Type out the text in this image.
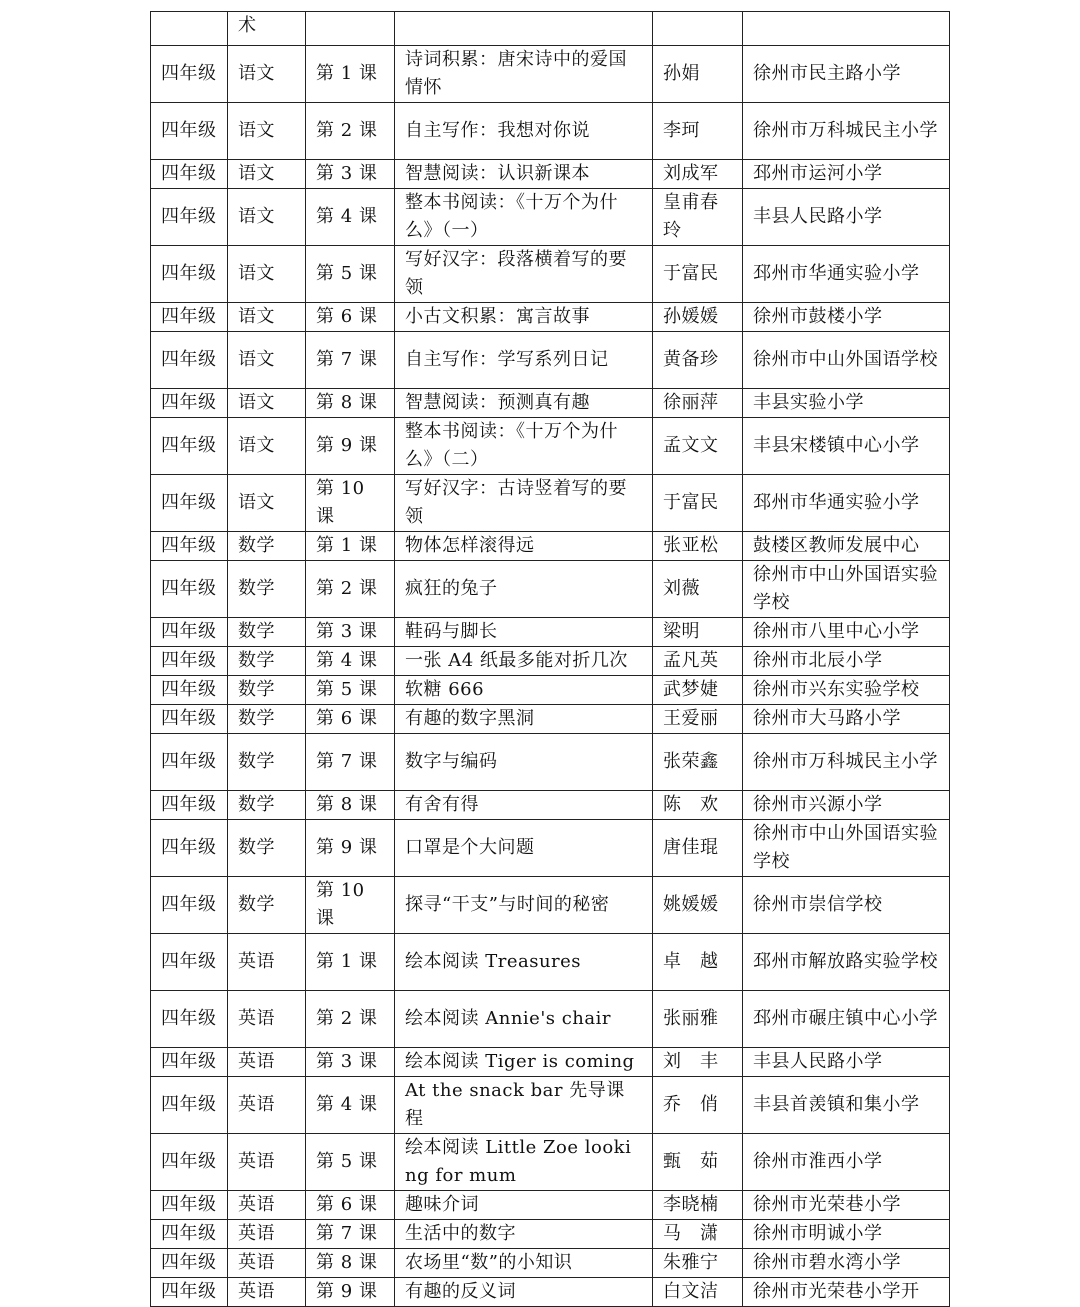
	术				
四年级	语文	第 1 课	诗词积累：唐宋诗中的爱国情怀	孙娟	徐州市民主路小学
四年级	语文	第 2 课	自主写作：我想对你说	李珂	徐州市万科城民主小学
四年级	语文	第 3 课	智慧阅读：认识新课本	刘成军	邳州市运河小学
四年级	语文	第 4 课	整本书阅读：《十万个为什么》（一）	皇甫春玲	丰县人民路小学
四年级	语文	第 5 课	写好汉字：段落横着写的要领	于富民	邳州市华通实验小学
四年级	语文	第 6 课	小古文积累：寓言故事	孙媛媛	徐州市鼓楼小学
四年级	语文	第 7 课	自主写作：学写系列日记	黄备珍	徐州市中山外国语学校
四年级	语文	第 8 课	智慧阅读：预测真有趣	徐丽萍	丰县实验小学
四年级	语文	第 9 课	整本书阅读：《十万个为什么》（二）	孟文文	丰县宋楼镇中心小学
四年级	语文	第 10 课	写好汉字：古诗竖着写的要领	于富民	邳州市华通实验小学
四年级	数学	第 1 课	物体怎样滚得远	张亚松	鼓楼区教师发展中心
四年级	数学	第 2 课	疯狂的兔子	刘薇	徐州市中山外国语实验学校
四年级	数学	第 3 课	鞋码与脚长	梁明	徐州市八里中心小学
四年级	数学	第 4 课	一张 A4 纸最多能对折几次	孟凡英	徐州市北辰小学
四年级	数学	第 5 课	软糖 666	武梦婕	徐州市兴东实验学校
四年级	数学	第 6 课	有趣的数字黑洞	王爱丽	徐州市大马路小学
四年级	数学	第 7 课	数字与编码	张荣鑫	徐州市万科城民主小学
四年级	数学	第 8 课	有舍有得	陈　欢	徐州市兴源小学
四年级	数学	第 9 课	口罩是个大问题	唐佳琨	徐州市中山外国语实验学校
四年级	数学	第 10 课	探寻“干支”与时间的秘密	姚媛媛	徐州市崇信学校
四年级	英语	第 1 课	绘本阅读 Treasures	卓　越	邳州市解放路实验学校
四年级	英语	第 2 课	绘本阅读 Annie's chair	张丽雅	邳州市碾庄镇中心小学
四年级	英语	第 3 课	绘本阅读 Tiger is coming	刘　丰	丰县人民路小学
四年级	英语	第 4 课	At the snack bar 先导课程	乔　俏	丰县首羡镇和集小学
四年级	英语	第 5 课	绘本阅读 Little Zoe looking for mum	甄　茹	徐州市淮西小学
四年级	英语	第 6 课	趣味介词	李晓楠	徐州市光荣巷小学
四年级	英语	第 7 课	生活中的数字	马　潇	徐州市明诚小学
四年级	英语	第 8 课	农场里“数”的小知识	朱雅宁	徐州市碧水湾小学
四年级	英语	第 9 课	有趣的反义词	白文洁	徐州市光荣巷小学开
